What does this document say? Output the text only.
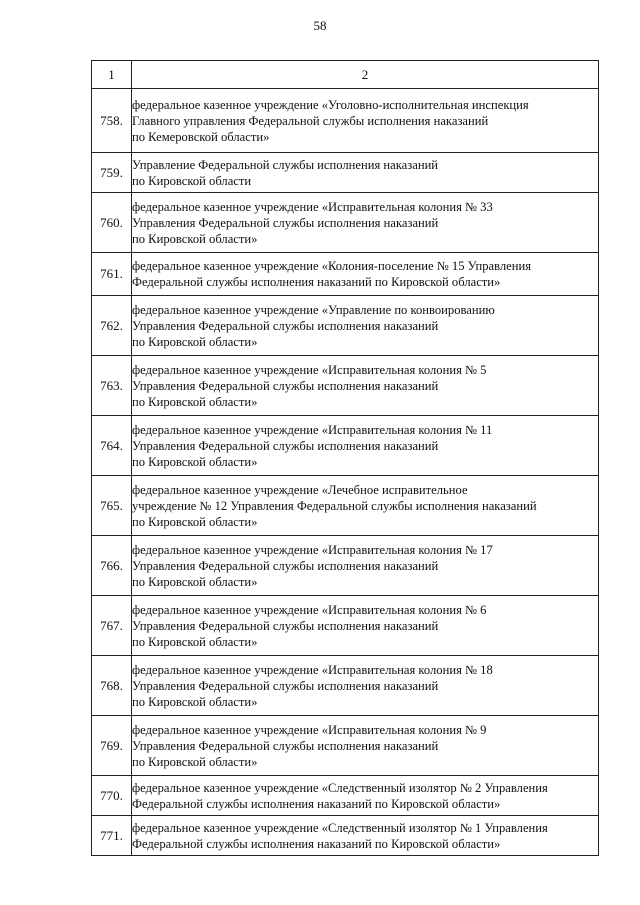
58
1	2
758.	федеральное казенное учреждение «Уголовно-исполнительная инспекция
Главного управления Федеральной службы исполнения наказаний
по Кемеровской области»

759.	Управление Федеральной службы исполнения наказаний
по Кировской области

760.	федеральное казенное учреждение «Исправительная колония № 33
Управления Федеральной службы исполнения наказаний
по Кировской области»

761.	федеральное казенное учреждение «Колония-поселение № 15 Управления
Федеральной службы исполнения наказаний по Кировской области»

762.	федеральное казенное учреждение «Управление по конвоированию
Управления Федеральной службы исполнения наказаний
по Кировской области»

763.	федеральное казенное учреждение «Исправительная колония № 5
Управления Федеральной службы исполнения наказаний
по Кировской области»

764.	федеральное казенное учреждение «Исправительная колония № 11
Управления Федеральной службы исполнения наказаний
по Кировской области»

765.	федеральное казенное учреждение «Лечебное исправительное
учреждение № 12 Управления Федеральной службы исполнения наказаний
по Кировской области»

766.	федеральное казенное учреждение «Исправительная колония № 17
Управления Федеральной службы исполнения наказаний
по Кировской области»

767.	федеральное казенное учреждение «Исправительная колония № 6
Управления Федеральной службы исполнения наказаний
по Кировской области»

768.	федеральное казенное учреждение «Исправительная колония № 18
Управления Федеральной службы исполнения наказаний
по Кировской области»

769.	федеральное казенное учреждение «Исправительная колония № 9
Управления Федеральной службы исполнения наказаний
по Кировской области»

770.	федеральное казенное учреждение «Следственный изолятор № 2 Управления
Федеральной службы исполнения наказаний по Кировской области»

771.	федеральное казенное учреждение «Следственный изолятор № 1 Управления
Федеральной службы исполнения наказаний по Кировской области»
